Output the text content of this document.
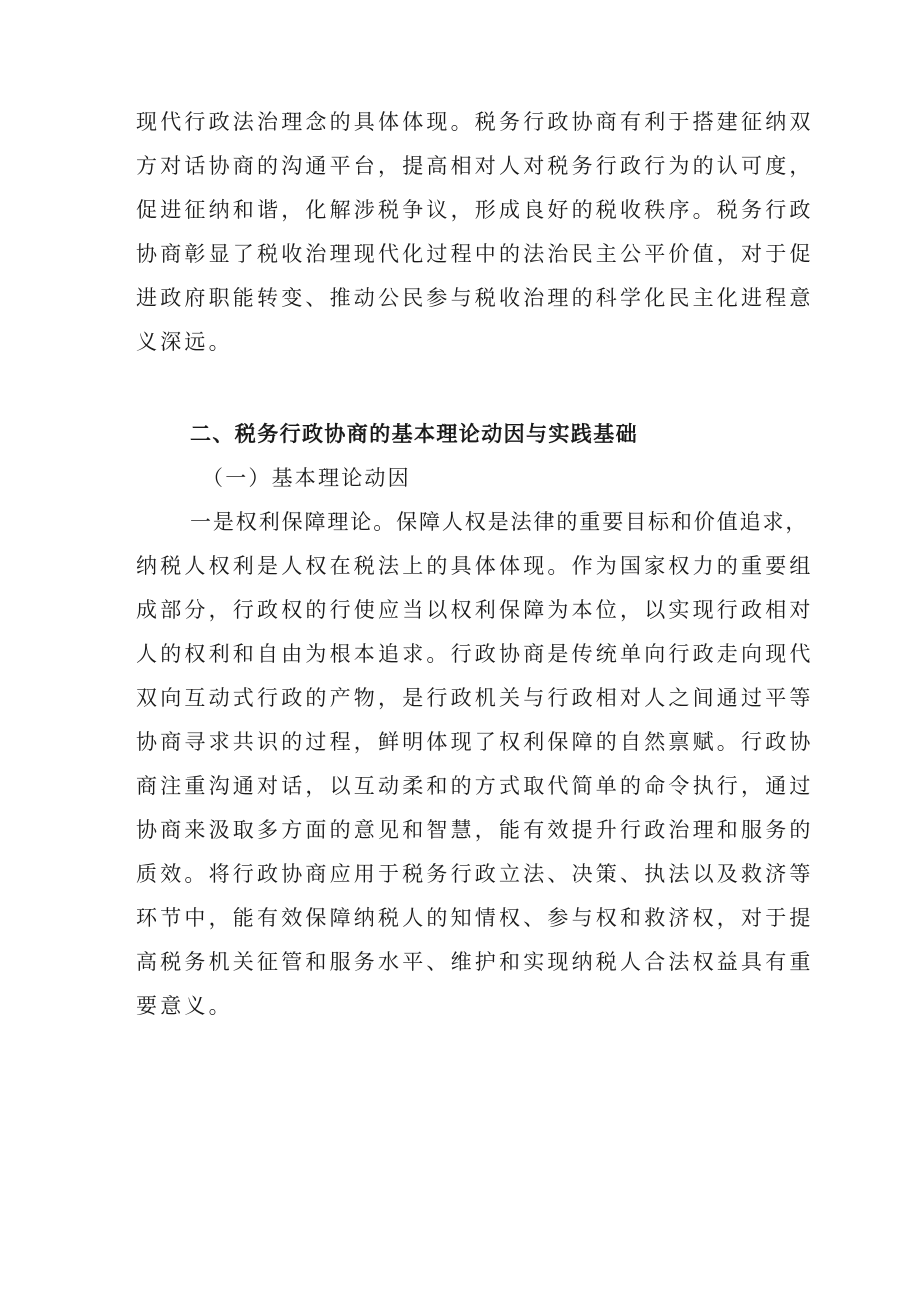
现代行政法治理念的具体体现。税务行政协商有利于搭建征纳双
方对话协商的沟通平台，提高相对人对税务行政行为的认可度，
促进征纳和谐，化解涉税争议，形成良好的税收秩序。税务行政
协商彰显了税收治理现代化过程中的法治民主公平价值，对于促
进政府职能转变、推动公民参与税收治理的科学化民主化进程意
义深远。
二、税务行政协商的基本理论动因与实践基础
（一）基本理论动因
一是权利保障理论。保障人权是法律的重要目标和价值追求，
纳税人权利是人权在税法上的具体体现。作为国家权力的重要组
成部分，行政权的行使应当以权利保障为本位，以实现行政相对
人的权利和自由为根本追求。行政协商是传统单向行政走向现代
双向互动式行政的产物，是行政机关与行政相对人之间通过平等
协商寻求共识的过程，鲜明体现了权利保障的自然禀赋。行政协
商注重沟通对话，以互动柔和的方式取代简单的命令执行，通过
协商来汲取多方面的意见和智慧，能有效提升行政治理和服务的
质效。将行政协商应用于税务行政立法、决策、执法以及救济等
环节中，能有效保障纳税人的知情权、参与权和救济权，对于提
高税务机关征管和服务水平、维护和实现纳税人合法权益具有重
要意义。
